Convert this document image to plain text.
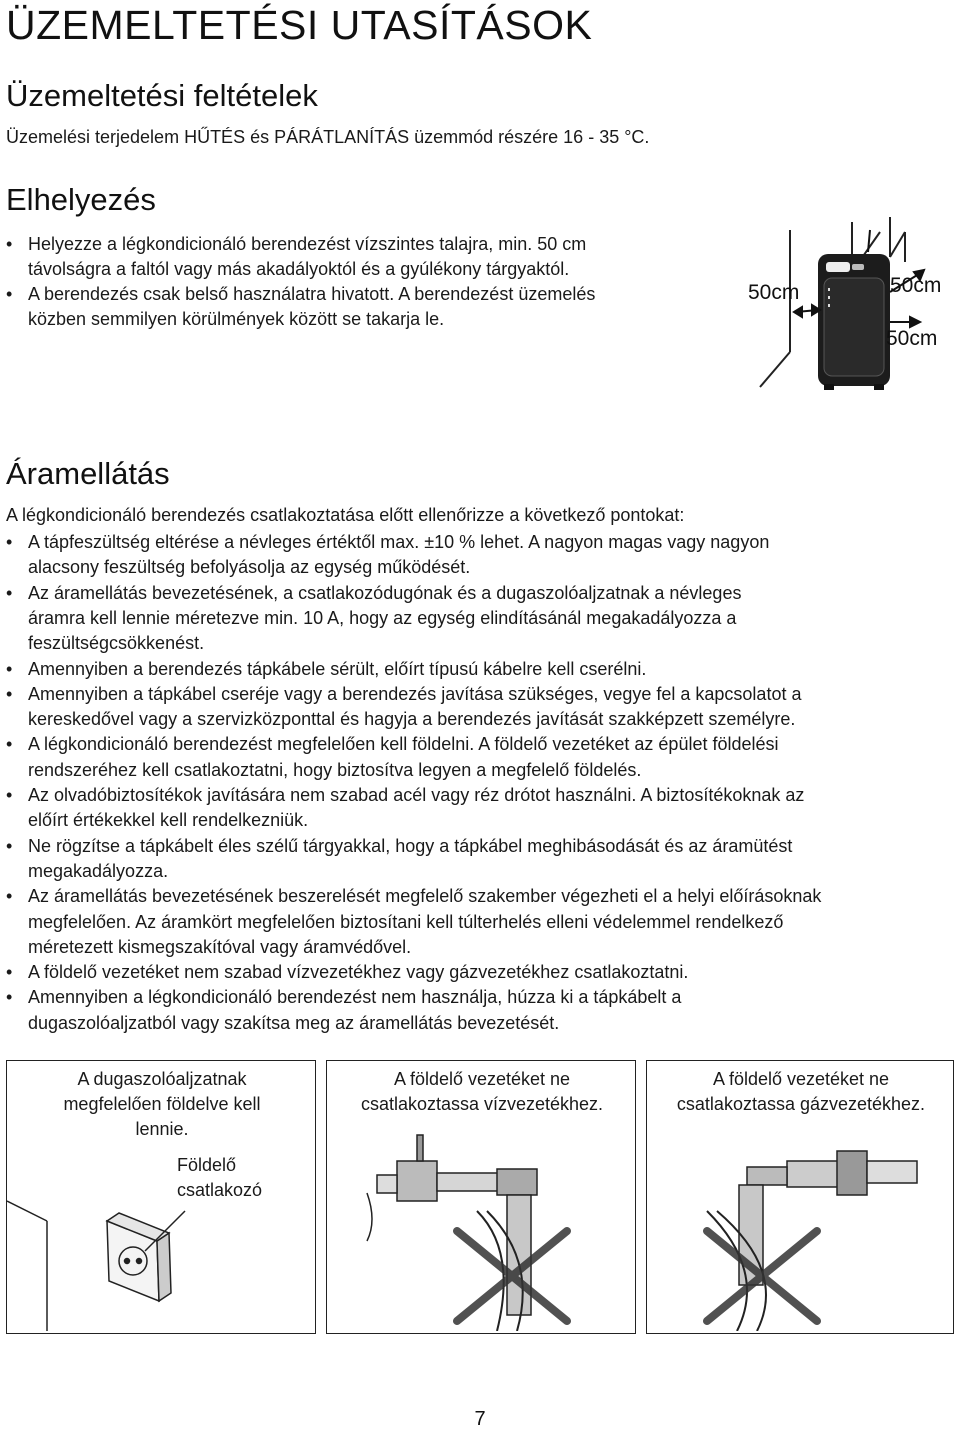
ÜZEMELTETÉSI UTASÍTÁSOK
Üzemeltetési feltételek
Üzemelési terjedelem HŰTÉS és PÁRÁTLANÍTÁS üzemmód részére 16 - 35 °C.
Elhelyezés
• Helyezze a légkondicionáló berendezést vízszintes talajra, min. 50 cm
távolságra a faltól vagy más akadályoktól és a gyúlékony tárgyaktól.
• A berendezés csak belső használatra hivatott. A berendezést üzemelés
közben semmilyen körülmények között se takarja le.
50cm	50cm
50cm
Áramellátás
A légkondicionáló berendezés csatlakoztatása előtt ellenőrizze a következő pontokat:
• A tápfeszültség eltérése a névleges értéktől max. ±10 % lehet. A nagyon magas vagy nagyon
alacsony feszültség befolyásolja az egység működését.
• Az áramellátás bevezetésének, a csatlakozódugónak és a dugaszolóaljzatnak a névleges
áramra kell lennie méretezve min. 10 A, hogy az egység elindításánál megakadályozza a
feszültségcsökkenést.
• Amennyiben a berendezés tápkábele sérült, előírt típusú kábelre kell cserélni.
• Amennyiben a tápkábel cseréje vagy a berendezés javítása szükséges, vegye fel a kapcsolatot a
kereskedővel vagy a szervizközponttal és hagyja a berendezés javítását szakképzett személyre.
• A légkondicionáló berendezést megfelelően kell földelni. A földelő vezetéket az épület földelési
rendszeréhez kell csatlakoztatni, hogy biztosítva legyen a megfelelő földelés.
• Az olvadóbiztosítékok javítására nem szabad acél vagy réz drótot használni. A biztosítékoknak az
előírt értékekkel kell rendelkezniük.
• Ne rögzítse a tápkábelt éles szélű tárgyakkal, hogy a tápkábel meghibásodását és az áramütést
megakadályozza.
• Az áramellátás bevezetésének beszerelését megfelelő szakember végezheti el a helyi előírásoknak
megfelelően. Az áramkört megfelelően biztosítani kell túlterhelés elleni védelemmel rendelkező
méretezett kismegszakítóval vagy áramvédővel.
• A földelő vezetéket nem szabad vízvezetékhez vagy gázvezetékhez csatlakoztatni.
• Amennyiben a légkondicionáló berendezést nem használja, húzza ki a tápkábelt a
dugaszolóaljzatból vagy szakítsa meg az áramellátás bevezetését.
A dugaszolóaljzatnak
megfelelően földelve kell
lennie.
Földelő
csatlakozó
A földelő vezetéket ne
csatlakoztassa vízvezetékhez.
A földelő vezetéket ne
csatlakoztassa gázvezetékhez.
7
